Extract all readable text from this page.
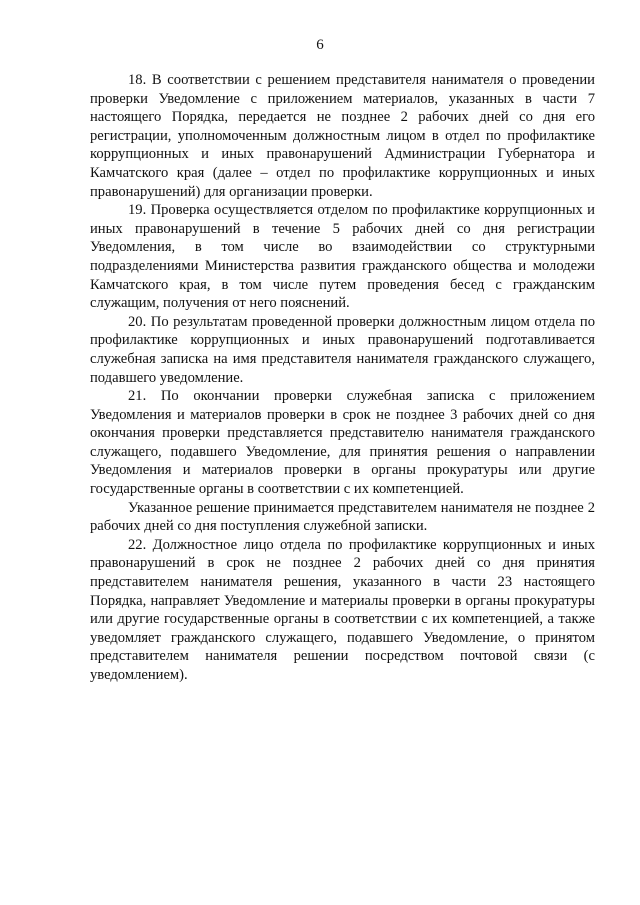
6

18. В соответствии с решением представителя нанимателя о проведении проверки Уведомление с приложением материалов, указанных в части 7 настоящего Порядка, передается не позднее 2 рабочих дней со дня его регистрации, уполномоченным должностным лицом в отдел по профилактике коррупционных и иных правонарушений Администрации Губернатора и Камчатского края (далее – отдел по профилактике коррупционных и иных правонарушений) для организации проверки.

19. Проверка осуществляется отделом по профилактике коррупционных и иных правонарушений в течение 5 рабочих дней со дня регистрации Уведомления, в том числе во взаимодействии со структурными подразделениями Министерства развития гражданского общества и молодежи Камчатского края, в том числе путем проведения бесед с гражданским служащим, получения от него пояснений.

20. По результатам проведенной проверки должностным лицом отдела по профилактике коррупционных и иных правонарушений подготавливается служебная записка на имя представителя нанимателя гражданского служащего, подавшего уведомление.

21. По окончании проверки служебная записка с приложением Уведомления и материалов проверки в срок не позднее 3 рабочих дней со дня окончания проверки представляется представителю нанимателя гражданского служащего, подавшего Уведомление, для принятия решения о направлении Уведомления и материалов проверки в органы прокуратуры или другие государственные органы в соответствии с их компетенцией.

Указанное решение принимается представителем нанимателя не позднее 2 рабочих дней со дня поступления служебной записки.

22. Должностное лицо отдела по профилактике коррупционных и иных правонарушений в срок не позднее 2 рабочих дней со дня принятия представителем нанимателя решения, указанного в части 23 настоящего Порядка, направляет Уведомление и материалы проверки в органы прокуратуры или другие государственные органы в соответствии с их компетенцией, а также уведомляет гражданского служащего, подавшего Уведомление, о принятом представителем нанимателя решении посредством почтовой связи (с уведомлением).
